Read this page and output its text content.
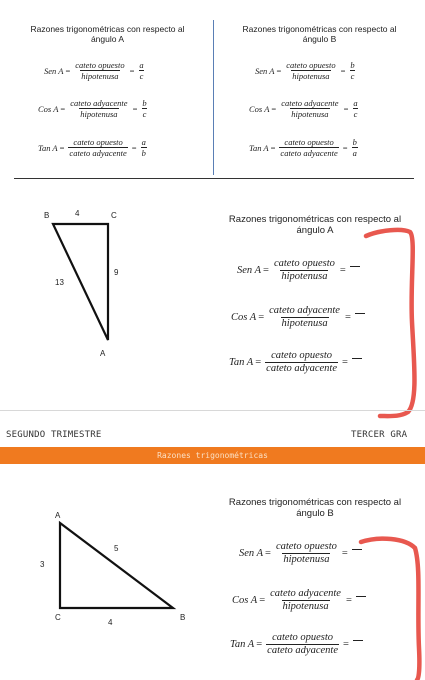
Razones trigonométricas con respecto al
ángulo A
Razones trigonométricas con respecto al
ángulo B
Sen $A = \frac{\text{cateto opuesto}}{\text{hipotenusa}} = \frac{a}{c}$
Cos $A = \frac{\text{cateto adyacente}}{\text{hipotenusa}} = \frac{b}{c}$
Tan $A = \frac{\text{cateto opuesto}}{\text{cateto adyacente}} = \frac{a}{b}$
Sen $A = \frac{\text{cateto opuesto}}{\text{hipotenusa}} = \frac{b}{c}$
Cos $A = \frac{\text{cateto adyacente}}{\text{hipotenusa}} = \frac{a}{c}$
Tan $A = \frac{\text{cateto opuesto}}{\text{cateto adyacente}} = \frac{b}{a}$
B	4	C
9
13
A
Razones trigonométricas con respecto al
ángulo A
Sen $A = \frac{\text{cateto opuesto}}{\text{hipotenusa}}$ =
Cos $A = \frac{\text{cateto adyacente}}{\text{hipotenusa}}$ =
Tan $A = \frac{\text{cateto opuesto}}{\text{cateto adyacente}}$ =
SEGUNDO TRIMESTRE	TERCER GRA
Razones trigonométricas
A
5
3
C	B
4
Razones trigonométricas con respecto al
ángulo B
Sen $A = \frac{\text{cateto opuesto}}{\text{hipotenusa}}$ =
Cos $A = \frac{\text{cateto adyacente}}{\text{hipotenusa}}$ =
Tan $A = \frac{\text{cateto opuesto}}{\text{cateto adyacente}}$ =
